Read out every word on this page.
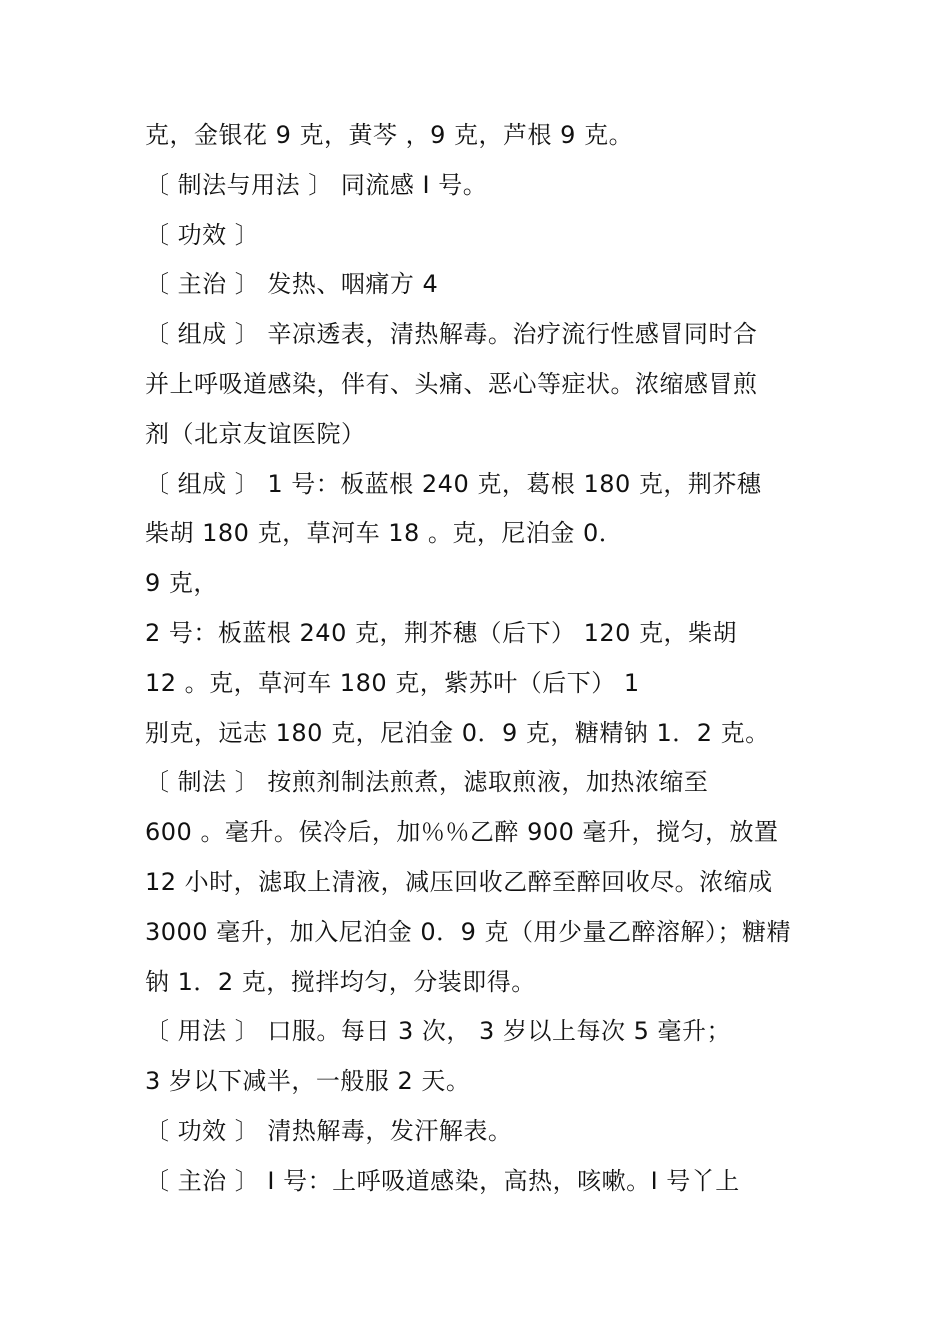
克，金银花 9 克，黄芩 ，9 克，芦根 9 克。
〔 制法与用法 〕 同流感 Ⅰ 号。
〔 功效 〕
〔 主治 〕 发热、咽痛方 4
〔 组成 〕 辛凉透表，清热解毒。治疗流行性感冒同时合
并上呼吸道感染，伴有、头痛、恶心等症状。浓缩感冒煎
剂（北京友谊医院）
〔 组成 〕 1 号：板蓝根 240 克，葛根 180 克，荆芥穗
柴胡 180 克，草河车 18 。克，尼泊金 0．
9 克，
2 号：板蓝根 240 克，荆芥穗（后下） 120 克，柴胡
12 。克，草河车 180 克，紫苏叶（后下） 1
别克，远志 180 克，尼泊金 0．9 克，糖精钠 1．2 克。
〔 制法 〕 按煎剂制法煎煮，滤取煎液，加热浓缩至
600 。毫升。侯冷后，加％％乙醉 900 毫升，搅匀，放置
12 小时，滤取上清液，减压回收乙醉至醉回收尽。浓缩成
3000 毫升，加入尼泊金 0．9 克（用少量乙醉溶解）；糖精
钠 1．2 克，搅拌均匀，分装即得。
〔 用法 〕 口服。每日 3 次， 3 岁以上每次 5 毫升；
3 岁以下减半，一般服 2 天。
〔 功效 〕 清热解毒，发汗解表。
〔 主治 〕 Ⅰ 号：上呼吸道感染，高热，咳嗽。Ⅰ 号丫上
